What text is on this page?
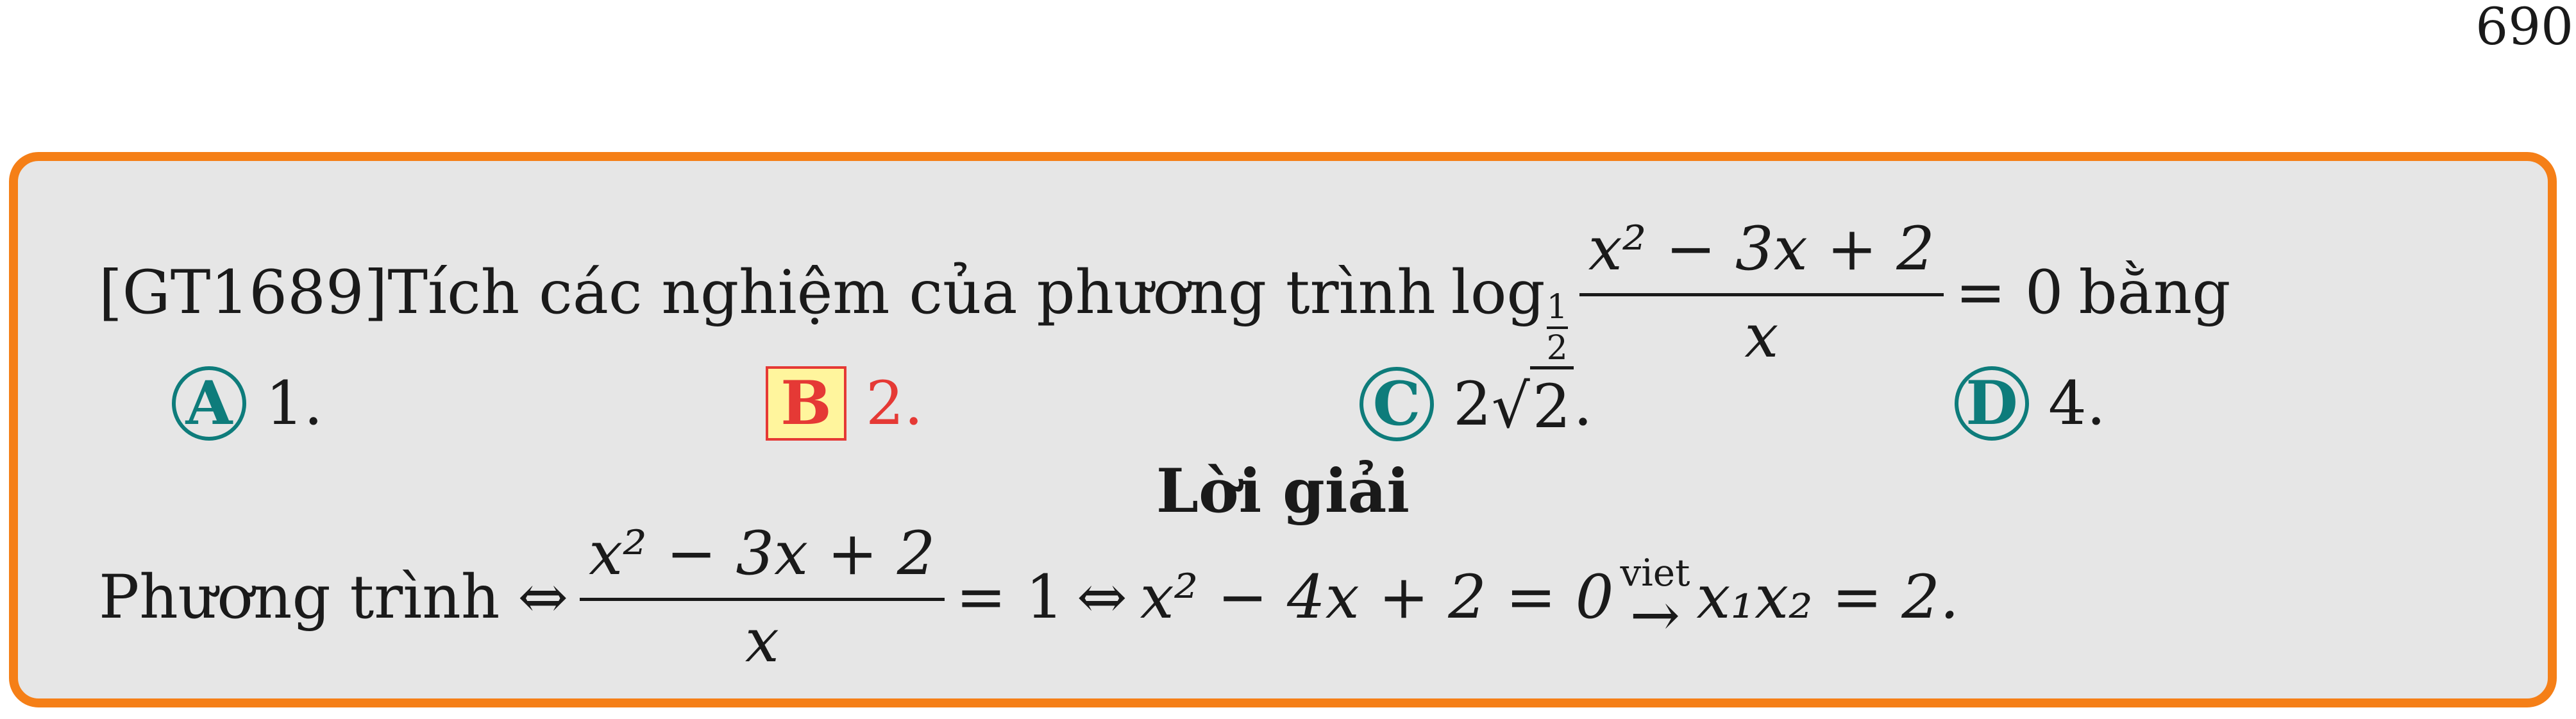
690
[GT1689] Tích các nghiệm của phương trình log 1
2
x² − 3x + 2
x
= 0 bằng
A 1.	B 2.	C 2 √ 2 .	D 4.
Lời giải
Phương trình ⇔
x² − 3x + 2
x
= 1 ⇔ x² − 4x + 2 = 0 viet
→ x₁x₂ = 2.
